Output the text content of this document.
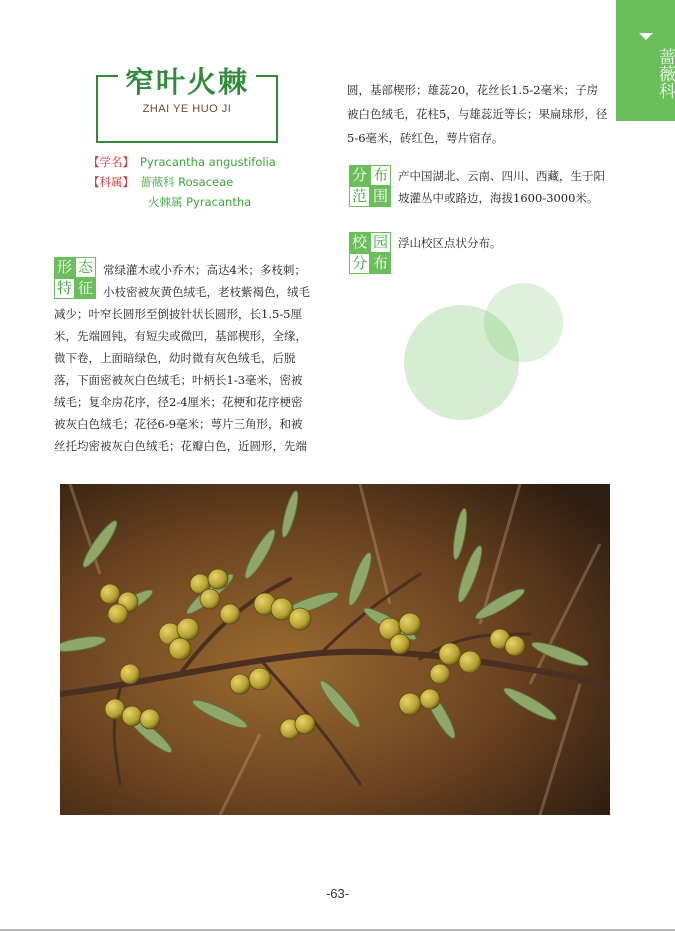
蔷薇科
窄叶火棘
ZHAI YE HUO JI
【学名】 Pyracantha angustifolia
【科属】 蔷薇科 Rosaceae
火棘属 Pyracantha
形 态
特 征
常绿灌木或小乔木；高达4米；多枝刺；
小枝密被灰黄色绒毛，老枝紫褐色，绒毛
减少；叶窄长圆形至倒披针状长圆形，长1.5-5厘
米，先端圆钝，有短尖或微凹，基部楔形，全缘，
微下卷，上面暗绿色，幼时微有灰色绒毛，后脱
落，下面密被灰白色绒毛；叶柄长1-3毫米，密被
绒毛；复伞房花序，径2-4厘米；花梗和花序梗密
被灰白色绒毛；花径6-9毫米；萼片三角形，和被
丝托均密被灰白色绒毛；花瓣白色，近圆形，先端
圆，基部楔形；雄蕊20，花丝长1.5-2毫米；子房
被白色绒毛，花柱5，与雄蕊近等长；果扁球形，径
5-6毫米，砖红色，萼片宿存。
分 布
范 围
产中国湖北、云南、四川、西藏，生于阳
坡灌丛中或路边，海拔1600-3000米。
校 园
分 布
浮山校区点状分布。
-63-
